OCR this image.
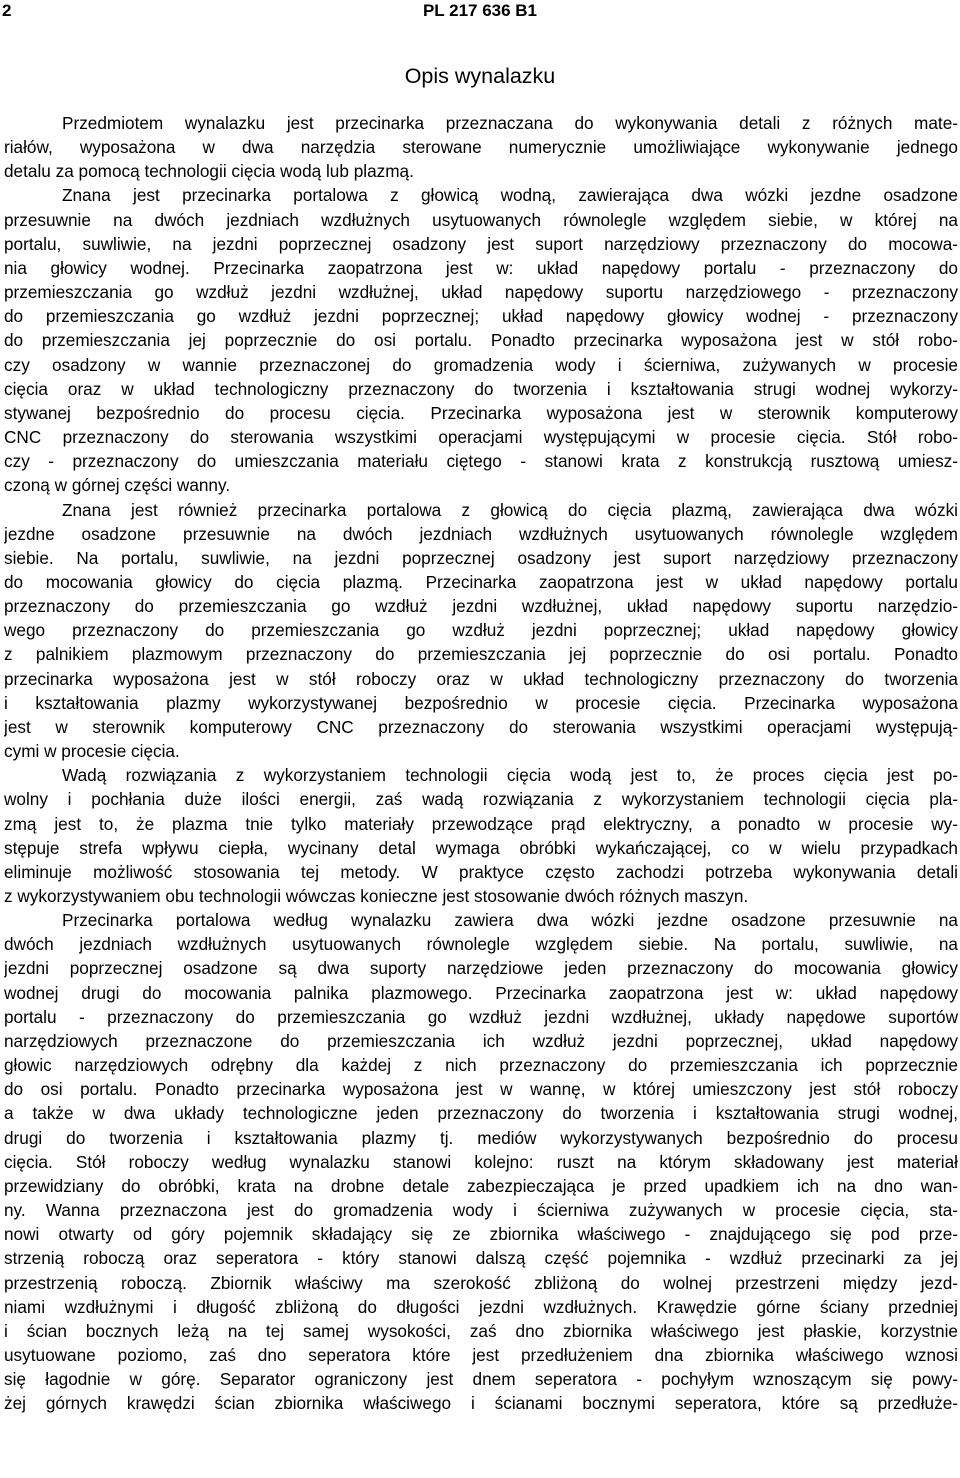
2	PL 217 636 B1
Opis wynalazku
Przedmiotem wynalazku jest przecinarka przeznaczana do wykonywania detali z różnych mate-
riałów, wyposażona w dwa narzędzia sterowane numerycznie umożliwiające wykonywanie jednego
detalu za pomocą technologii cięcia wodą lub plazmą.
Znana jest przecinarka portalowa z głowicą wodną, zawierająca dwa wózki jezdne osadzone
przesuwnie na dwóch jezdniach wzdłużnych usytuowanych równolegle względem siebie, w której na
portalu, suwliwie, na jezdni poprzecznej osadzony jest suport narzędziowy przeznaczony do mocowa-
nia głowicy wodnej. Przecinarka zaopatrzona jest w: układ napędowy portalu - przeznaczony do
przemieszczania go wzdłuż jezdni wzdłużnej, układ napędowy suportu narzędziowego - przeznaczony
do przemieszczania go wzdłuż jezdni poprzecznej; układ napędowy głowicy wodnej - przeznaczony
do przemieszczania jej poprzecznie do osi portalu. Ponadto przecinarka wyposażona jest w stół robo-
czy osadzony w wannie przeznaczonej do gromadzenia wody i ścierniwa, zużywanych w procesie
cięcia oraz w układ technologiczny przeznaczony do tworzenia i kształtowania strugi wodnej wykorzy-
stywanej bezpośrednio do procesu cięcia. Przecinarka wyposażona jest w sterownik komputerowy
CNC przeznaczony do sterowania wszystkimi operacjami występującymi w procesie cięcia. Stół robo-
czy - przeznaczony do umieszczania materiału ciętego - stanowi krata z konstrukcją rusztową umiesz-
czoną w górnej części wanny.
Znana jest również przecinarka portalowa z głowicą do cięcia plazmą, zawierająca dwa wózki
jezdne osadzone przesuwnie na dwóch jezdniach wzdłużnych usytuowanych równolegle względem
siebie. Na portalu, suwliwie, na jezdni poprzecznej osadzony jest suport narzędziowy przeznaczony
do mocowania głowicy do cięcia plazmą. Przecinarka zaopatrzona jest w układ napędowy portalu
przeznaczony do przemieszczania go wzdłuż jezdni wzdłużnej, układ napędowy suportu narzędzio-
wego przeznaczony do przemieszczania go wzdłuż jezdni poprzecznej; układ napędowy głowicy
z palnikiem plazmowym przeznaczony do przemieszczania jej poprzecznie do osi portalu. Ponadto
przecinarka wyposażona jest w stół roboczy oraz w układ technologiczny przeznaczony do tworzenia
i kształtowania plazmy wykorzystywanej bezpośrednio w procesie cięcia. Przecinarka wyposażona
jest w sterownik komputerowy CNC przeznaczony do sterowania wszystkimi operacjami występują-
cymi w procesie cięcia.
Wadą rozwiązania z wykorzystaniem technologii cięcia wodą jest to, że proces cięcia jest po-
wolny i pochłania duże ilości energii, zaś wadą rozwiązania z wykorzystaniem technologii cięcia pla-
zmą jest to, że plazma tnie tylko materiały przewodzące prąd elektryczny, a ponadto w procesie wy-
stępuje strefa wpływu ciepła, wycinany detal wymaga obróbki wykańczającej, co w wielu przypadkach
eliminuje możliwość stosowania tej metody. W praktyce często zachodzi potrzeba wykonywania detali
z wykorzystywaniem obu technologii wówczas konieczne jest stosowanie dwóch różnych maszyn.
Przecinarka portalowa według wynalazku zawiera dwa wózki jezdne osadzone przesuwnie na
dwóch jezdniach wzdłużnych usytuowanych równolegle względem siebie. Na portalu, suwliwie, na
jezdni poprzecznej osadzone są dwa suporty narzędziowe jeden przeznaczony do mocowania głowicy
wodnej drugi do mocowania palnika plazmowego. Przecinarka zaopatrzona jest w: układ napędowy
portalu - przeznaczony do przemieszczania go wzdłuż jezdni wzdłużnej, układy napędowe suportów
narzędziowych przeznaczone do przemieszczania ich wzdłuż jezdni poprzecznej, układ napędowy
głowic narzędziowych odrębny dla każdej z nich przeznaczony do przemieszczania ich poprzecznie
do osi portalu. Ponadto przecinarka wyposażona jest w wannę, w której umieszczony jest stół roboczy
a także w dwa układy technologiczne jeden przeznaczony do tworzenia i kształtowania strugi wodnej,
drugi do tworzenia i kształtowania plazmy tj. mediów wykorzystywanych bezpośrednio do procesu
cięcia. Stół roboczy według wynalazku stanowi kolejno: ruszt na którym składowany jest materiał
przewidziany do obróbki, krata na drobne detale zabezpieczająca je przed upadkiem ich na dno wan-
ny. Wanna przeznaczona jest do gromadzenia wody i ścierniwa zużywanych w procesie cięcia, sta-
nowi otwarty od góry pojemnik składający się ze zbiornika właściwego - znajdującego się pod prze-
strzenią roboczą oraz seperatora - który stanowi dalszą część pojemnika - wzdłuż przecinarki za jej
przestrzenią roboczą. Zbiornik właściwy ma szerokość zbliżoną do wolnej przestrzeni między jezd-
niami wzdłużnymi i długość zbliżoną do długości jezdni wzdłużnych. Krawędzie górne ściany przedniej
i ścian bocznych leżą na tej samej wysokości, zaś dno zbiornika właściwego jest płaskie, korzystnie
usytuowane poziomo, zaś dno seperatora które jest przedłużeniem dna zbiornika właściwego wznosi
się łagodnie w górę. Separator ograniczony jest dnem seperatora - pochyłym wznoszącym się powy-
żej górnych krawędzi ścian zbiornika właściwego i ścianami bocznymi seperatora, które są przedłuże-
